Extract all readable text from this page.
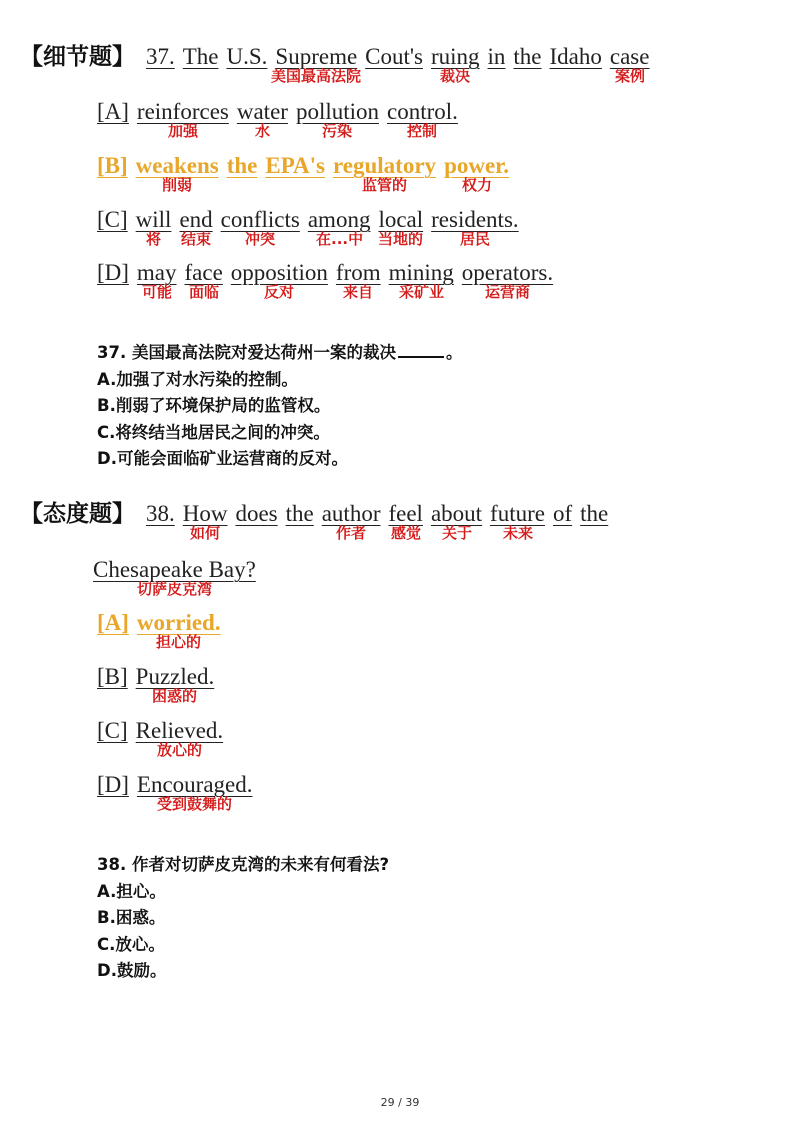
【细节题】 37. The U.S. Supreme
美国最高法院
Cout's ruing
裁决
in the Idaho case
案例
[A] reinforces
加强
water
水
pollution
污染
control.
控制
[B] weakens
削弱
the EPA's regulatory
监管的
power.
权力
[C] will
将
end
结束
conflicts
冲突
among
在...中
local
当地的
residents.
居民
[D] may
可能
face
面临
opposition
反对
from
来自
mining
采矿业
operators.
运营商
37. 美国最高法院对爱达荷州一案的裁决	。
A.加强了对水污染的控制。
B.削弱了环境保护局的监管权。
C.将终结当地居民之间的冲突。
D.可能会面临矿业运营商的反对。
【态度题】 38. How
如何
does the author
作者
feel
感觉
about
关于
future
未来
of the
Chesapeake Bay?
切萨皮克湾
[A] worried.
担心的
[B] Puzzled.
困惑的
[C] Relieved.
放心的
[D] Encouraged.
受到鼓舞的
38. 作者对切萨皮克湾的未来有何看法?
A.担心。
B.困惑。
C.放心。
D.鼓励。
29 / 39
